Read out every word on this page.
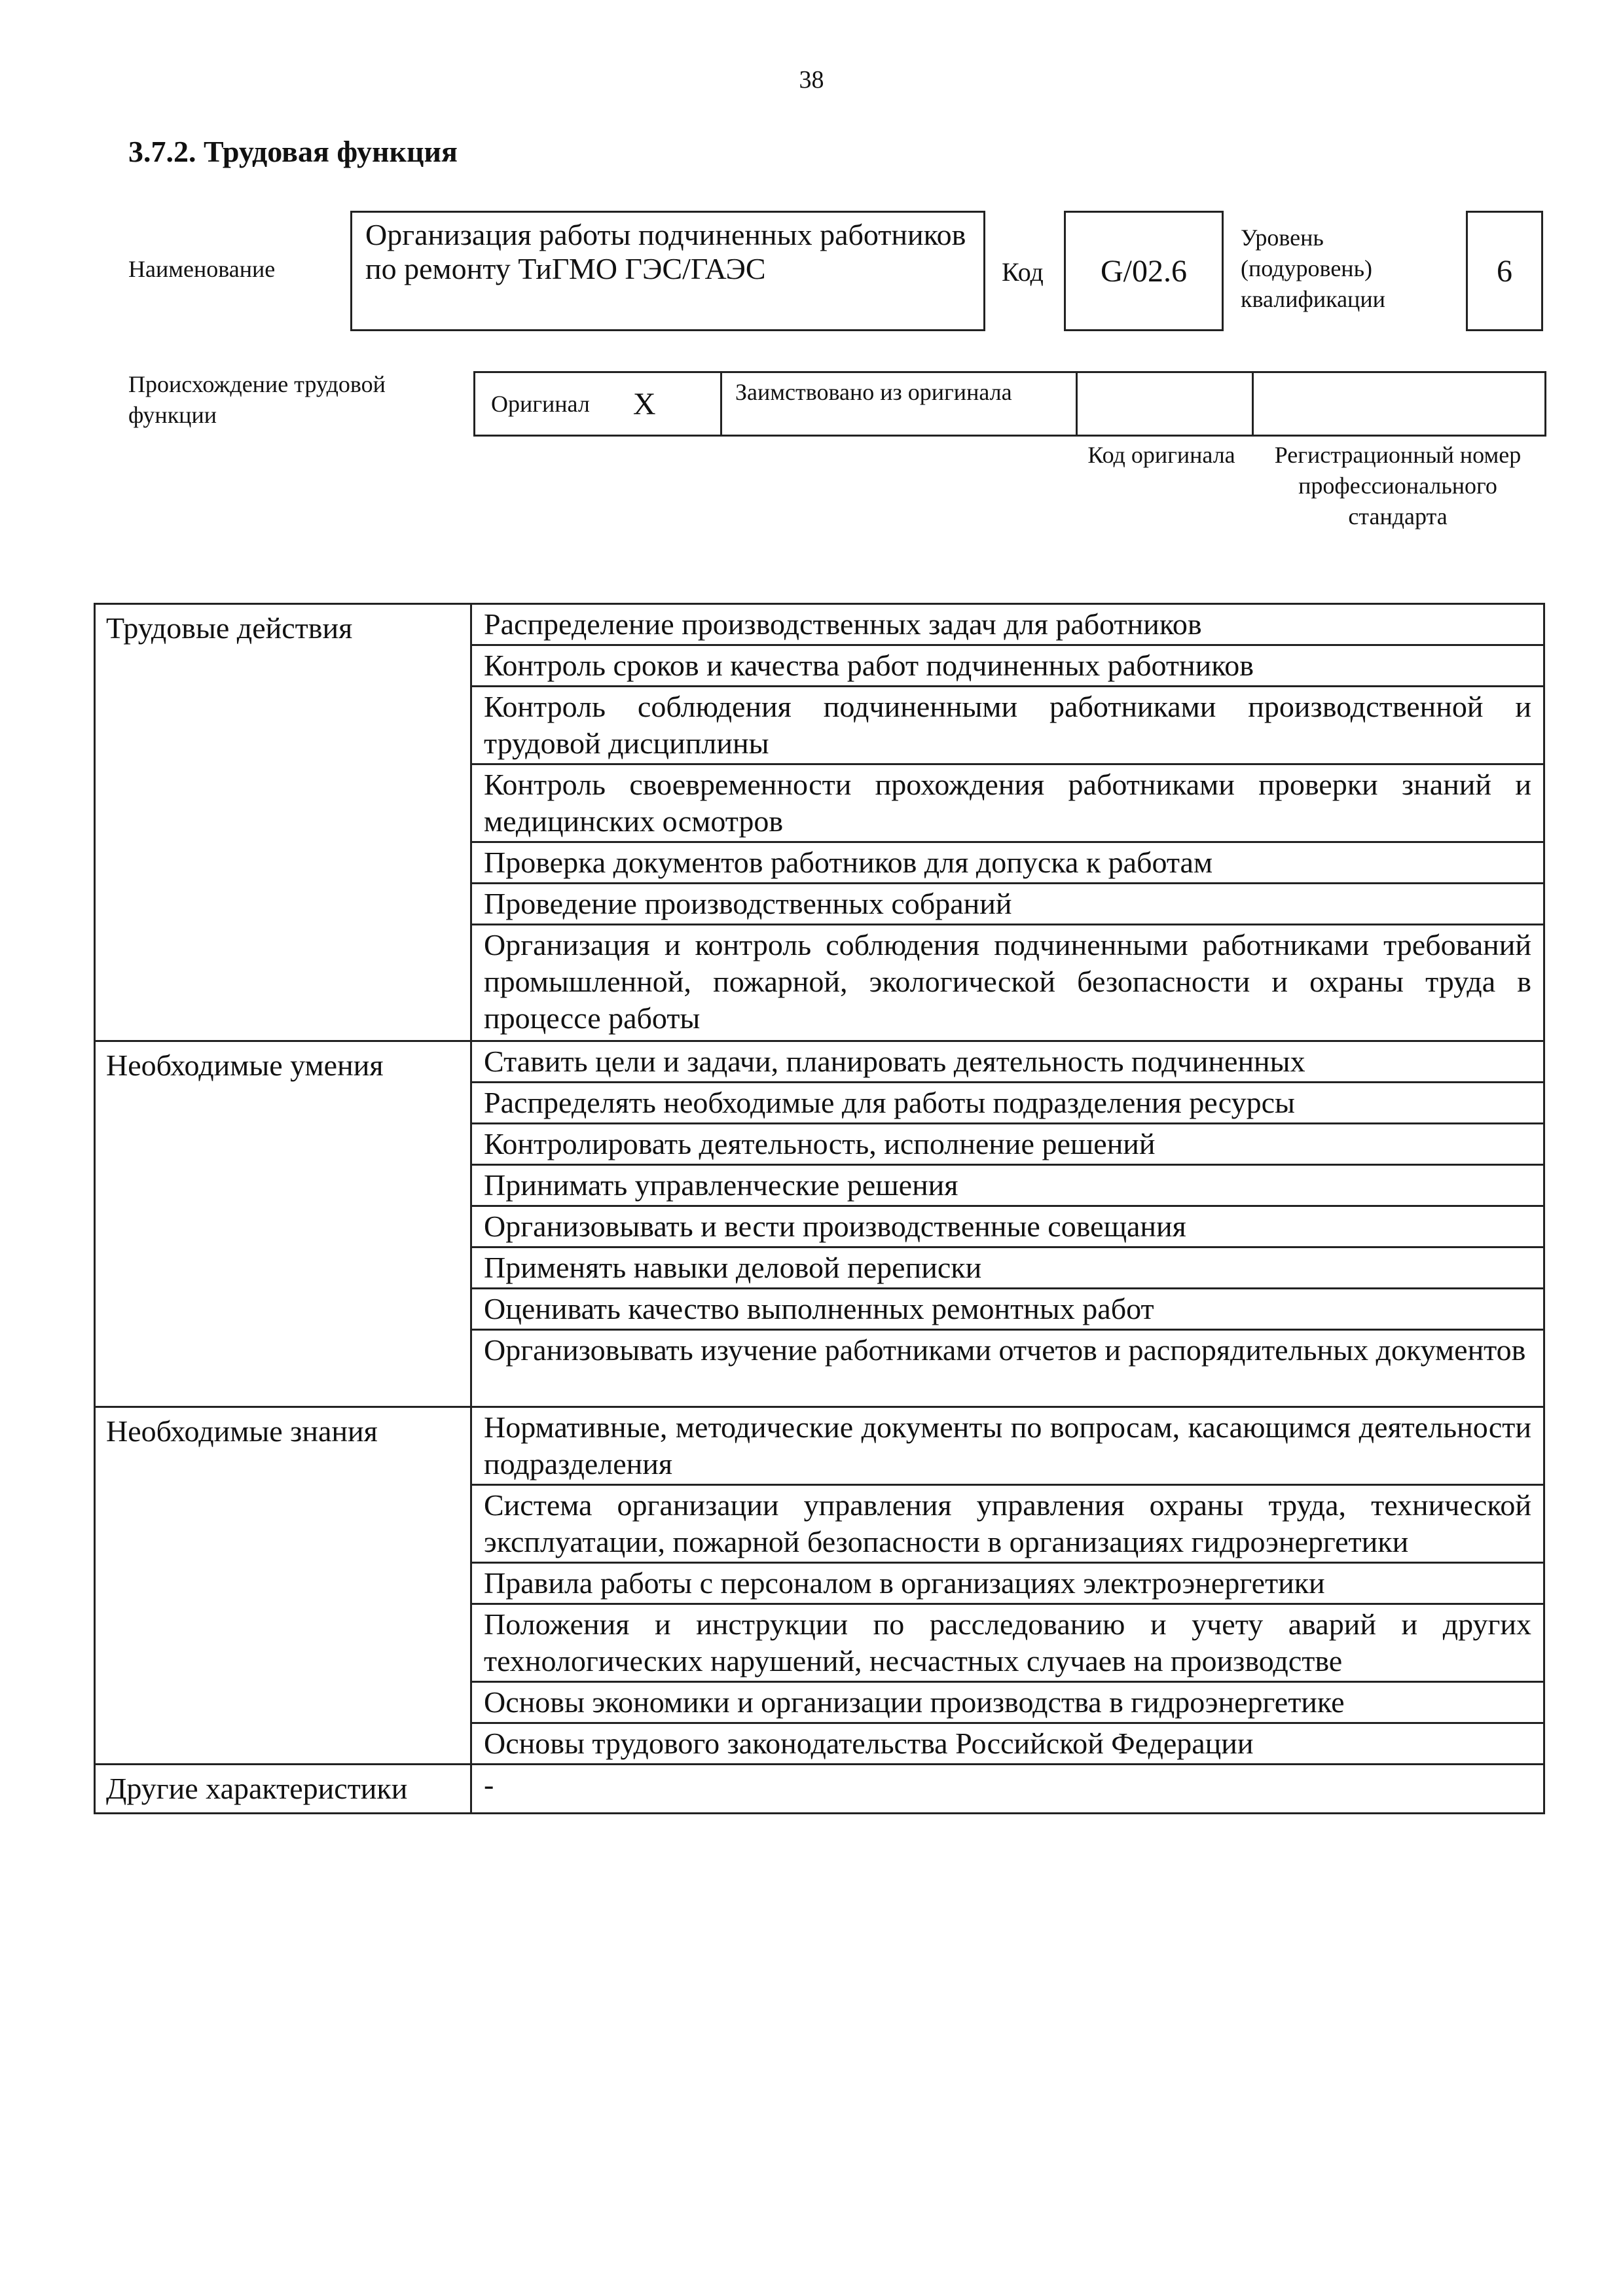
38
3.7.2. Трудовая функция
Наименование
Организация работы подчиненных работников по ремонту ТиГМО ГЭС/ГАЭС	Код	G/02.6
Уровень (подуровень) квалификации
6
Происхождение трудовой функции	Оригинал X	Заимствовано из оригинала
Код оригинала	Регистрационный номер профессионального стандарта
Трудовые действия	Распределение производственных задач для работников
	Контроль сроков и качества работ подчиненных работников
	Контроль соблюдения подчиненными работниками производственной и трудовой дисциплины
	Контроль своевременности прохождения работниками проверки знаний и медицинских осмотров
	Проверка документов работников для допуска к работам
	Проведение производственных собраний
	Организация и контроль соблюдения подчиненными работниками требований промышленной, пожарной, экологической безопасности и охраны труда в процессе работы
Необходимые умения	Ставить цели и задачи, планировать деятельность подчиненных
	Распределять необходимые для работы подразделения ресурсы
	Контролировать деятельность, исполнение решений
	Принимать управленческие решения
	Организовывать и вести производственные совещания
	Применять навыки деловой переписки
	Оценивать качество выполненных ремонтных работ
	Организовывать изучение работниками отчетов и распорядительных документов
Необходимые знания	Нормативные, методические документы по вопросам, касающимся деятельности подразделения
	Система организации управления управления охраны труда, технической эксплуатации, пожарной безопасности в организациях гидроэнергетики
	Правила работы с персоналом в организациях электроэнергетики
	Положения и инструкции по расследованию и учету аварий и других технологических нарушений, несчастных случаев на производстве
	Основы экономики и организации производства в гидроэнергетике
	Основы трудового законодательства Российской Федерации
Другие характеристики	-
